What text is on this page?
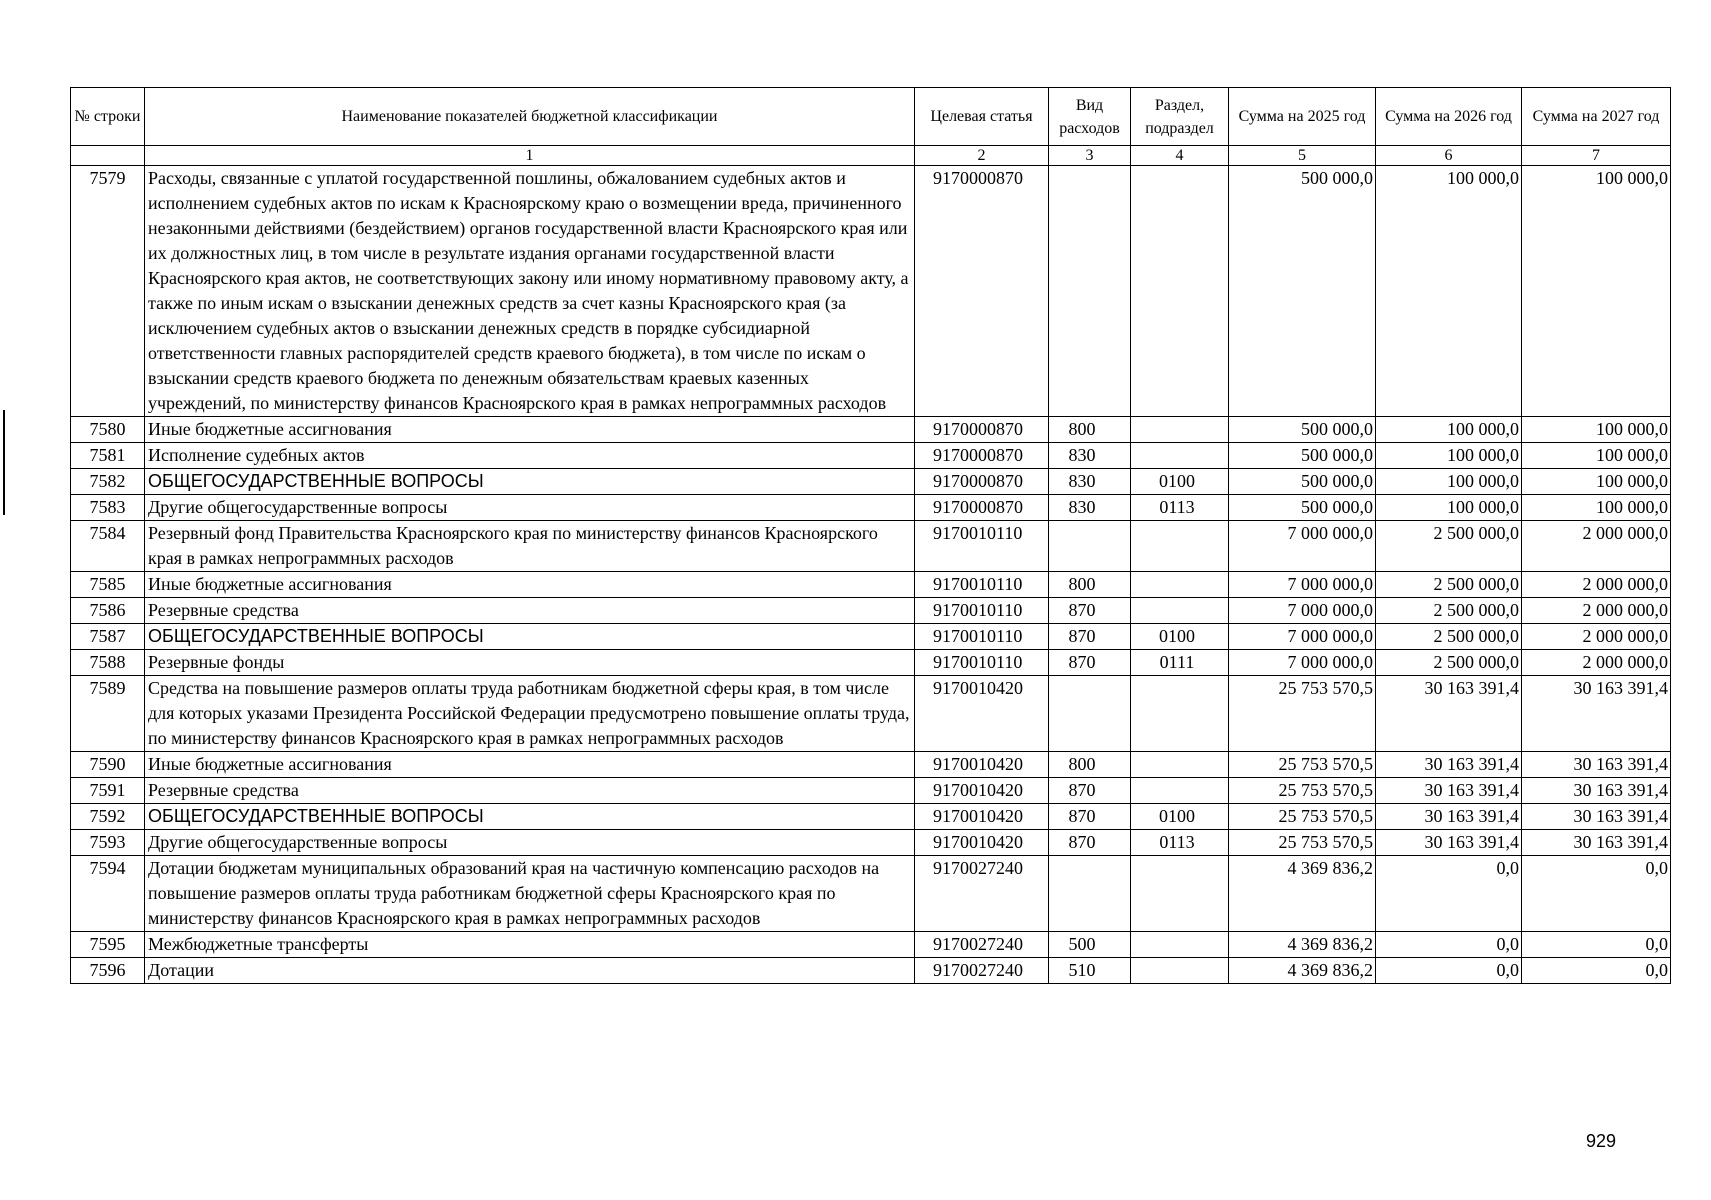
№ строки	Наименование показателей бюджетной классификации	Целевая статья	Вид расходов	Раздел, подраздел	Сумма на 2025 год	Сумма на 2026 год	Сумма на 2027 год
	1	2	3	4	5	6	7
7579	Расходы, связанные с уплатой государственной пошлины, обжалованием судебных актов и исполнением судебных актов по искам к Красноярскому краю о возмещении вреда, причиненного незаконными действиями (бездействием) органов государственной власти Красноярского края или их должностных лиц, в том числе в результате издания органами государственной власти Красноярского края актов, не соответствующих закону или иному нормативному правовому акту, а также по иным искам о взыскании денежных средств за счет казны Красноярского края (за исключением судебных актов о взыскании денежных средств в порядке субсидиарной ответственности главных распорядителей средств краевого бюджета), в том числе по искам о взыскании средств краевого бюджета по денежным обязательствам краевых казенных учреждений, по министерству финансов Красноярского края в рамках непрограммных расходов	9170000870			500 000,0	100 000,0	100 000,0
7580	Иные бюджетные ассигнования	9170000870	800		500 000,0	100 000,0	100 000,0
7581	Исполнение судебных актов	9170000870	830		500 000,0	100 000,0	100 000,0
7582	ОБЩЕГОСУДАРСТВЕННЫЕ ВОПРОСЫ	9170000870	830	0100	500 000,0	100 000,0	100 000,0
7583	Другие общегосударственные вопросы	9170000870	830	0113	500 000,0	100 000,0	100 000,0
7584	Резервный фонд Правительства Красноярского края по министерству финансов Красноярского края в рамках непрограммных расходов	9170010110			7 000 000,0	2 500 000,0	2 000 000,0
7585	Иные бюджетные ассигнования	9170010110	800		7 000 000,0	2 500 000,0	2 000 000,0
7586	Резервные средства	9170010110	870		7 000 000,0	2 500 000,0	2 000 000,0
7587	ОБЩЕГОСУДАРСТВЕННЫЕ ВОПРОСЫ	9170010110	870	0100	7 000 000,0	2 500 000,0	2 000 000,0
7588	Резервные фонды	9170010110	870	0111	7 000 000,0	2 500 000,0	2 000 000,0
7589	Средства на повышение размеров оплаты труда работникам бюджетной сферы края, в том числе для которых указами Президента Российской Федерации предусмотрено повышение оплаты труда, по министерству финансов Красноярского края в рамках непрограммных расходов	9170010420			25 753 570,5	30 163 391,4	30 163 391,4
7590	Иные бюджетные ассигнования	9170010420	800		25 753 570,5	30 163 391,4	30 163 391,4
7591	Резервные средства	9170010420	870		25 753 570,5	30 163 391,4	30 163 391,4
7592	ОБЩЕГОСУДАРСТВЕННЫЕ ВОПРОСЫ	9170010420	870	0100	25 753 570,5	30 163 391,4	30 163 391,4
7593	Другие общегосударственные вопросы	9170010420	870	0113	25 753 570,5	30 163 391,4	30 163 391,4
7594	Дотации бюджетам муниципальных образований края на частичную компенсацию расходов на повышение размеров оплаты труда работникам бюджетной сферы Красноярского края по министерству финансов Красноярского края в рамках непрограммных расходов	9170027240			4 369 836,2	0,0	0,0
7595	Межбюджетные трансферты	9170027240	500		4 369 836,2	0,0	0,0
7596	Дотации	9170027240	510		4 369 836,2	0,0	0,0
929
